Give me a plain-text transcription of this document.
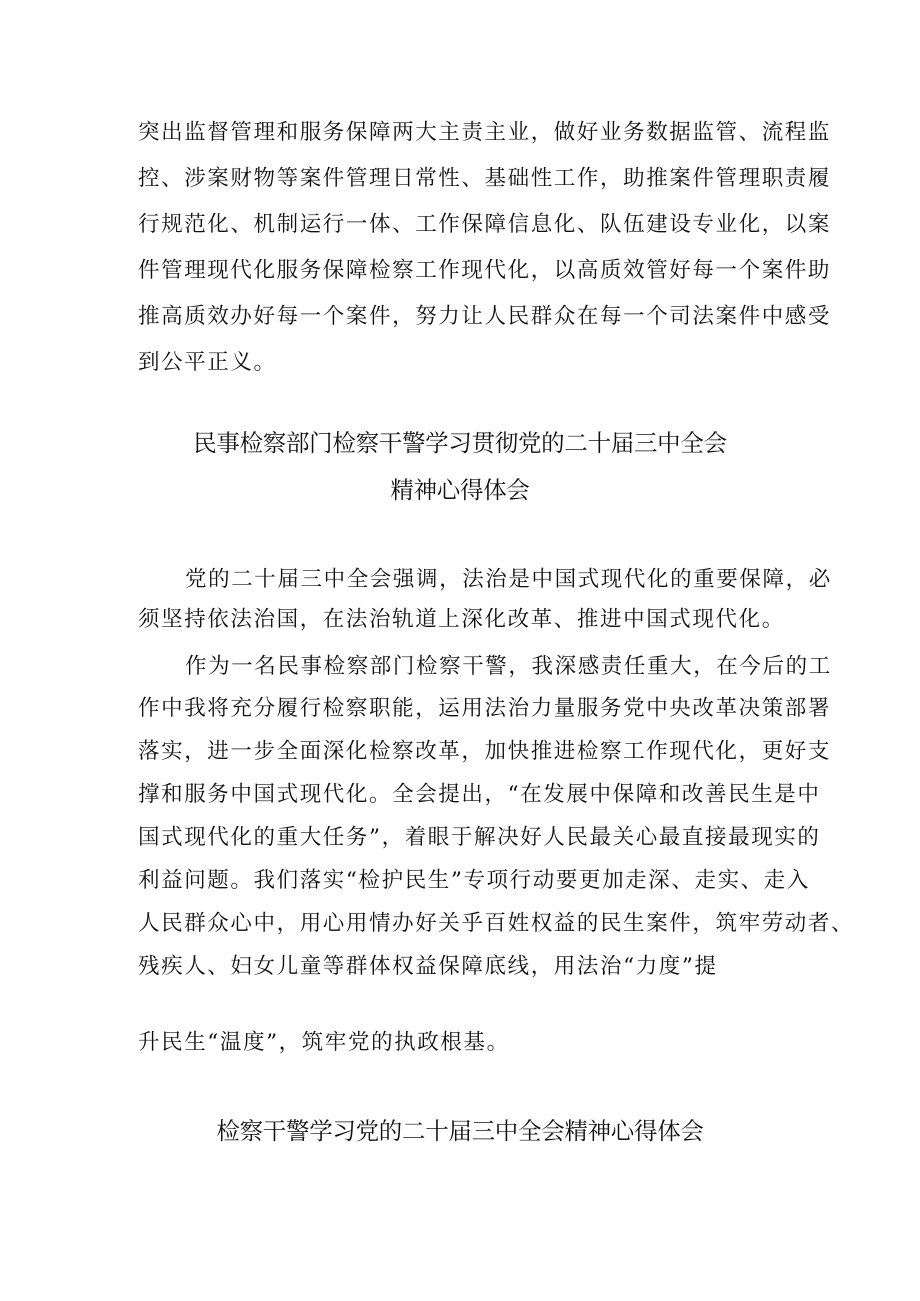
突出监督管理和服务保障两大主责主业，做好业务数据监管、流程监
控、涉案财物等案件管理日常性、基础性工作，助推案件管理职责履
行规范化、机制运行一体、工作保障信息化、队伍建设专业化，以案
件管理现代化服务保障检察工作现代化，以高质效管好每一个案件助
推高质效办好每一个案件，努力让人民群众在每一个司法案件中感受
到公平正义。
民事检察部门检察干警学习贯彻党的二十届三中全会
精神心得体会
党的二十届三中全会强调，法治是中国式现代化的重要保障，必
须坚持依法治国，在法治轨道上深化改革、推进中国式现代化。
作为一名民事检察部门检察干警，我深感责任重大，在今后的工
作中我将充分履行检察职能，运用法治力量服务党中央改革决策部署
落实，进一步全面深化检察改革，加快推进检察工作现代化，更好支
撑和服务中国式现代化。全会提出，“在发展中保障和改善民生是中
国式现代化的重大任务”，着眼于解决好人民最关心最直接最现实的
利益问题。我们落实“检护民生”专项行动要更加走深、走实、走入
人民群众心中，用心用情办好关乎百姓权益的民生案件，筑牢劳动者、
残疾人、妇女儿童等群体权益保障底线，用法治“力度”提
升民生“温度”，筑牢党的执政根基。
检察干警学习党的二十届三中全会精神心得体会
